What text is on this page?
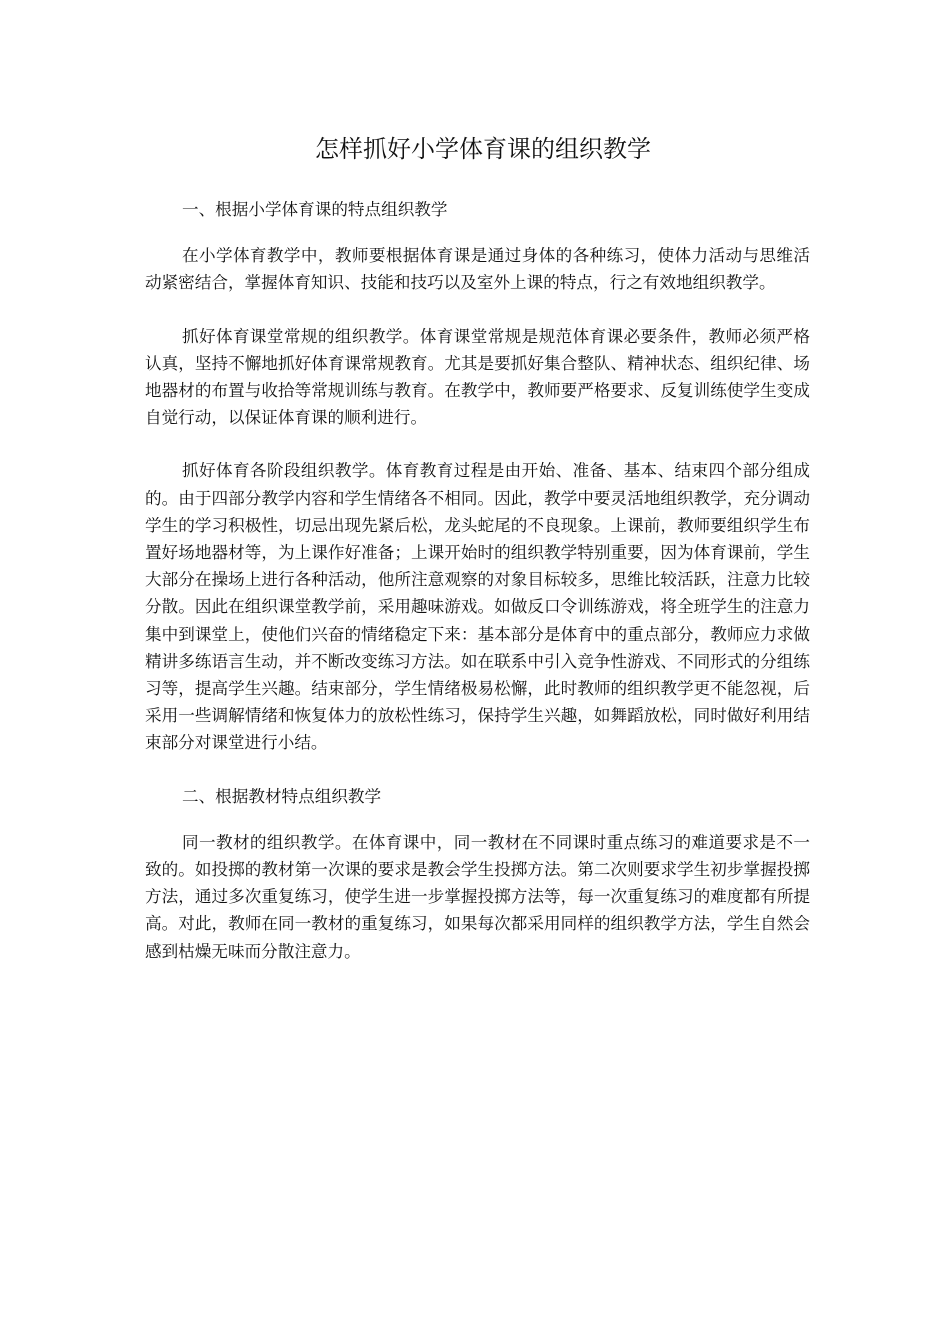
怎样抓好小学体育课的组织教学

一、根据小学体育课的特点组织教学

在小学体育教学中，教师要根据体育课是通过身体的各种练习，使体力活动与思维活动紧密结合，掌握体育知识、技能和技巧以及室外上课的特点，行之有效地组织教学。

抓好体育课堂常规的组织教学。体育课堂常规是规范体育课必要条件，教师必须严格认真，坚持不懈地抓好体育课常规教育。尤其是要抓好集合整队、精神状态、组织纪律、场地器材的布置与收拾等常规训练与教育。在教学中，教师要严格要求、反复训练使学生变成自觉行动，以保证体育课的顺利进行。

抓好体育各阶段组织教学。体育教育过程是由开始、准备、基本、结束四个部分组成的。由于四部分教学内容和学生情绪各不相同。因此，教学中要灵活地组织教学，充分调动学生的学习积极性，切忌出现先紧后松，龙头蛇尾的不良现象。上课前，教师要组织学生布置好场地器材等，为上课作好准备；上课开始时的组织教学特别重要，因为体育课前，学生大部分在操场上进行各种活动，他所注意观察的对象目标较多，思维比较活跃，注意力比较分散。因此在组织课堂教学前，采用趣味游戏。如做反口令训练游戏，将全班学生的注意力集中到课堂上，使他们兴奋的情绪稳定下来：基本部分是体育中的重点部分，教师应力求做精讲多练语言生动，并不断改变练习方法。如在联系中引入竞争性游戏、不同形式的分组练习等，提高学生兴趣。结束部分，学生情绪极易松懈，此时教师的组织教学更不能忽视，后采用一些调解情绪和恢复体力的放松性练习，保持学生兴趣，如舞蹈放松，同时做好利用结束部分对课堂进行小结。

二、根据教材特点组织教学

同一教材的组织教学。在体育课中，同一教材在不同课时重点练习的难道要求是不一致的。如投掷的教材第一次课的要求是教会学生投掷方法。第二次则要求学生初步掌握投掷方法，通过多次重复练习，使学生进一步掌握投掷方法等，每一次重复练习的难度都有所提高。对此，教师在同一教材的重复练习，如果每次都采用同样的组织教学方法，学生自然会感到枯燥无味而分散注意力。
